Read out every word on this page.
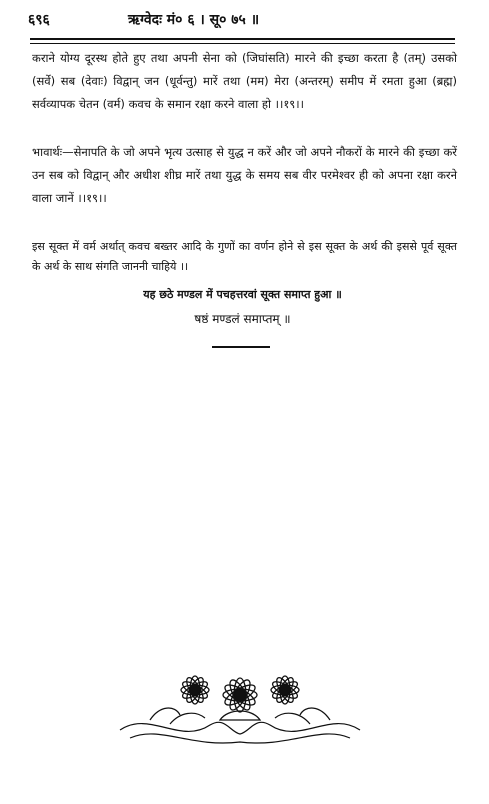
६९६	ऋग्वेदः मं० ६ । सू० ७५ ॥
कराने योग्य दूरस्थ होते हुए तथा अपनी सेना को (जिघांसति) मारने की इच्छा करता है (तम्) उसको (सर्वे) सब (देवाः) विद्वान् जन (धूर्वन्तु) मारें तथा (मम) मेरा (अन्तरम्) समीप में रमता हुआ (ब्रह्म) सर्वव्यापक चेतन (वर्म) कवच के समान रक्षा करने वाला हो ।।१९।।
भावार्थः—सेनापति के जो अपने भृत्य उत्साह से युद्ध न करें और जो अपने नौकरों के मारने की इच्छा करें उन सब को विद्वान् और अधीश शीघ्र मारें तथा युद्ध के समय सब वीर परमेश्वर ही को अपना रक्षा करने वाला जानें ।।१९।।
इस सूक्त में वर्म अर्थात् कवच बख्तर आदि के गुणों का वर्णन होने से इस सूक्त के अर्थ की इससे पूर्व सूक्त के अर्थ के साथ संगति जाननी चाहिये ।।
यह छठे मण्डल में पचहत्तरवां सूक्त समाप्त हुआ ॥
षष्ठं मण्डलं समाप्तम् ॥
